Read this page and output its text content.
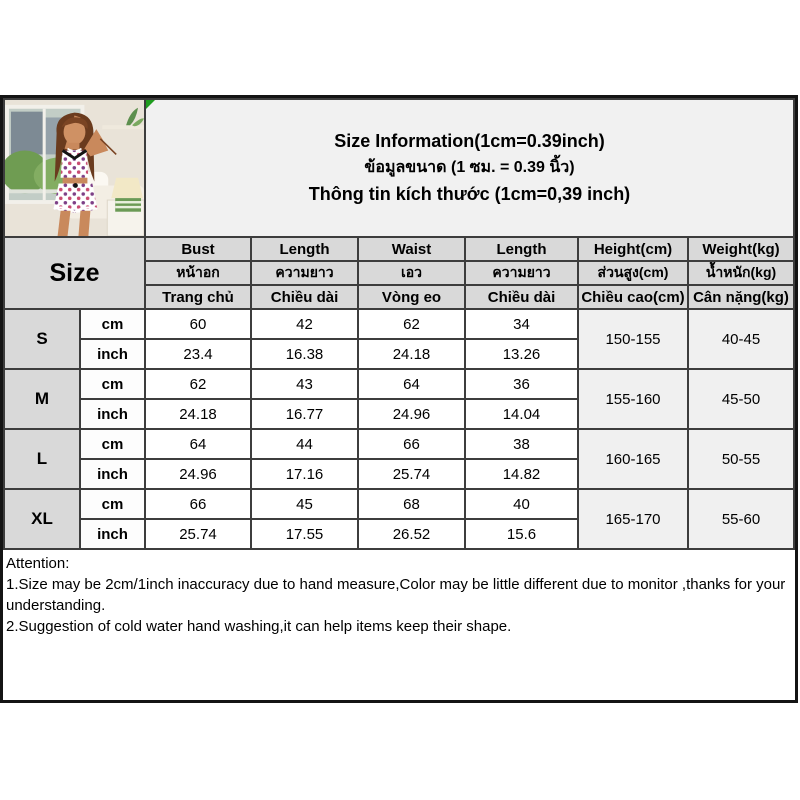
Size Information(1cm=0.39inch)
ข้อมูลขนาด (1 ซม. = 0.39 นิ้ว)
Thông tin kích thước (1cm=0,39 inch)					

Size		Bust	Length	Waist	Length	Height(cm)	Weight(kg)
		หน้าอก	ความยาว	เอว	ความยาว	ส่วนสูง(cm)	น้ำหนัก(kg)
		Trang chủ	Chiều dài	Vòng eo	Chiều dài	Chiều cao(cm)	Cân nặng(kg)
S	cm	60	42	62	34	150-155	40-45
	inch	23.4	16.38	24.18	13.26		
M	cm	62	43	64	36	155-160	45-50
	inch	24.18	16.77	24.96	14.04		
L	cm	64	44	66	38	160-165	50-55
	inch	24.96	17.16	25.74	14.82		
XL	cm	66	45	68	40	165-170	55-60
	inch	25.74	17.55	26.52	15.6		

Attention:

1.Size may be 2cm/1inch inaccuracy due to hand measure,Color may be little different due to monitor ,thanks for your understanding.

2.Suggestion of cold water hand washing,it can help items keep their shape.
